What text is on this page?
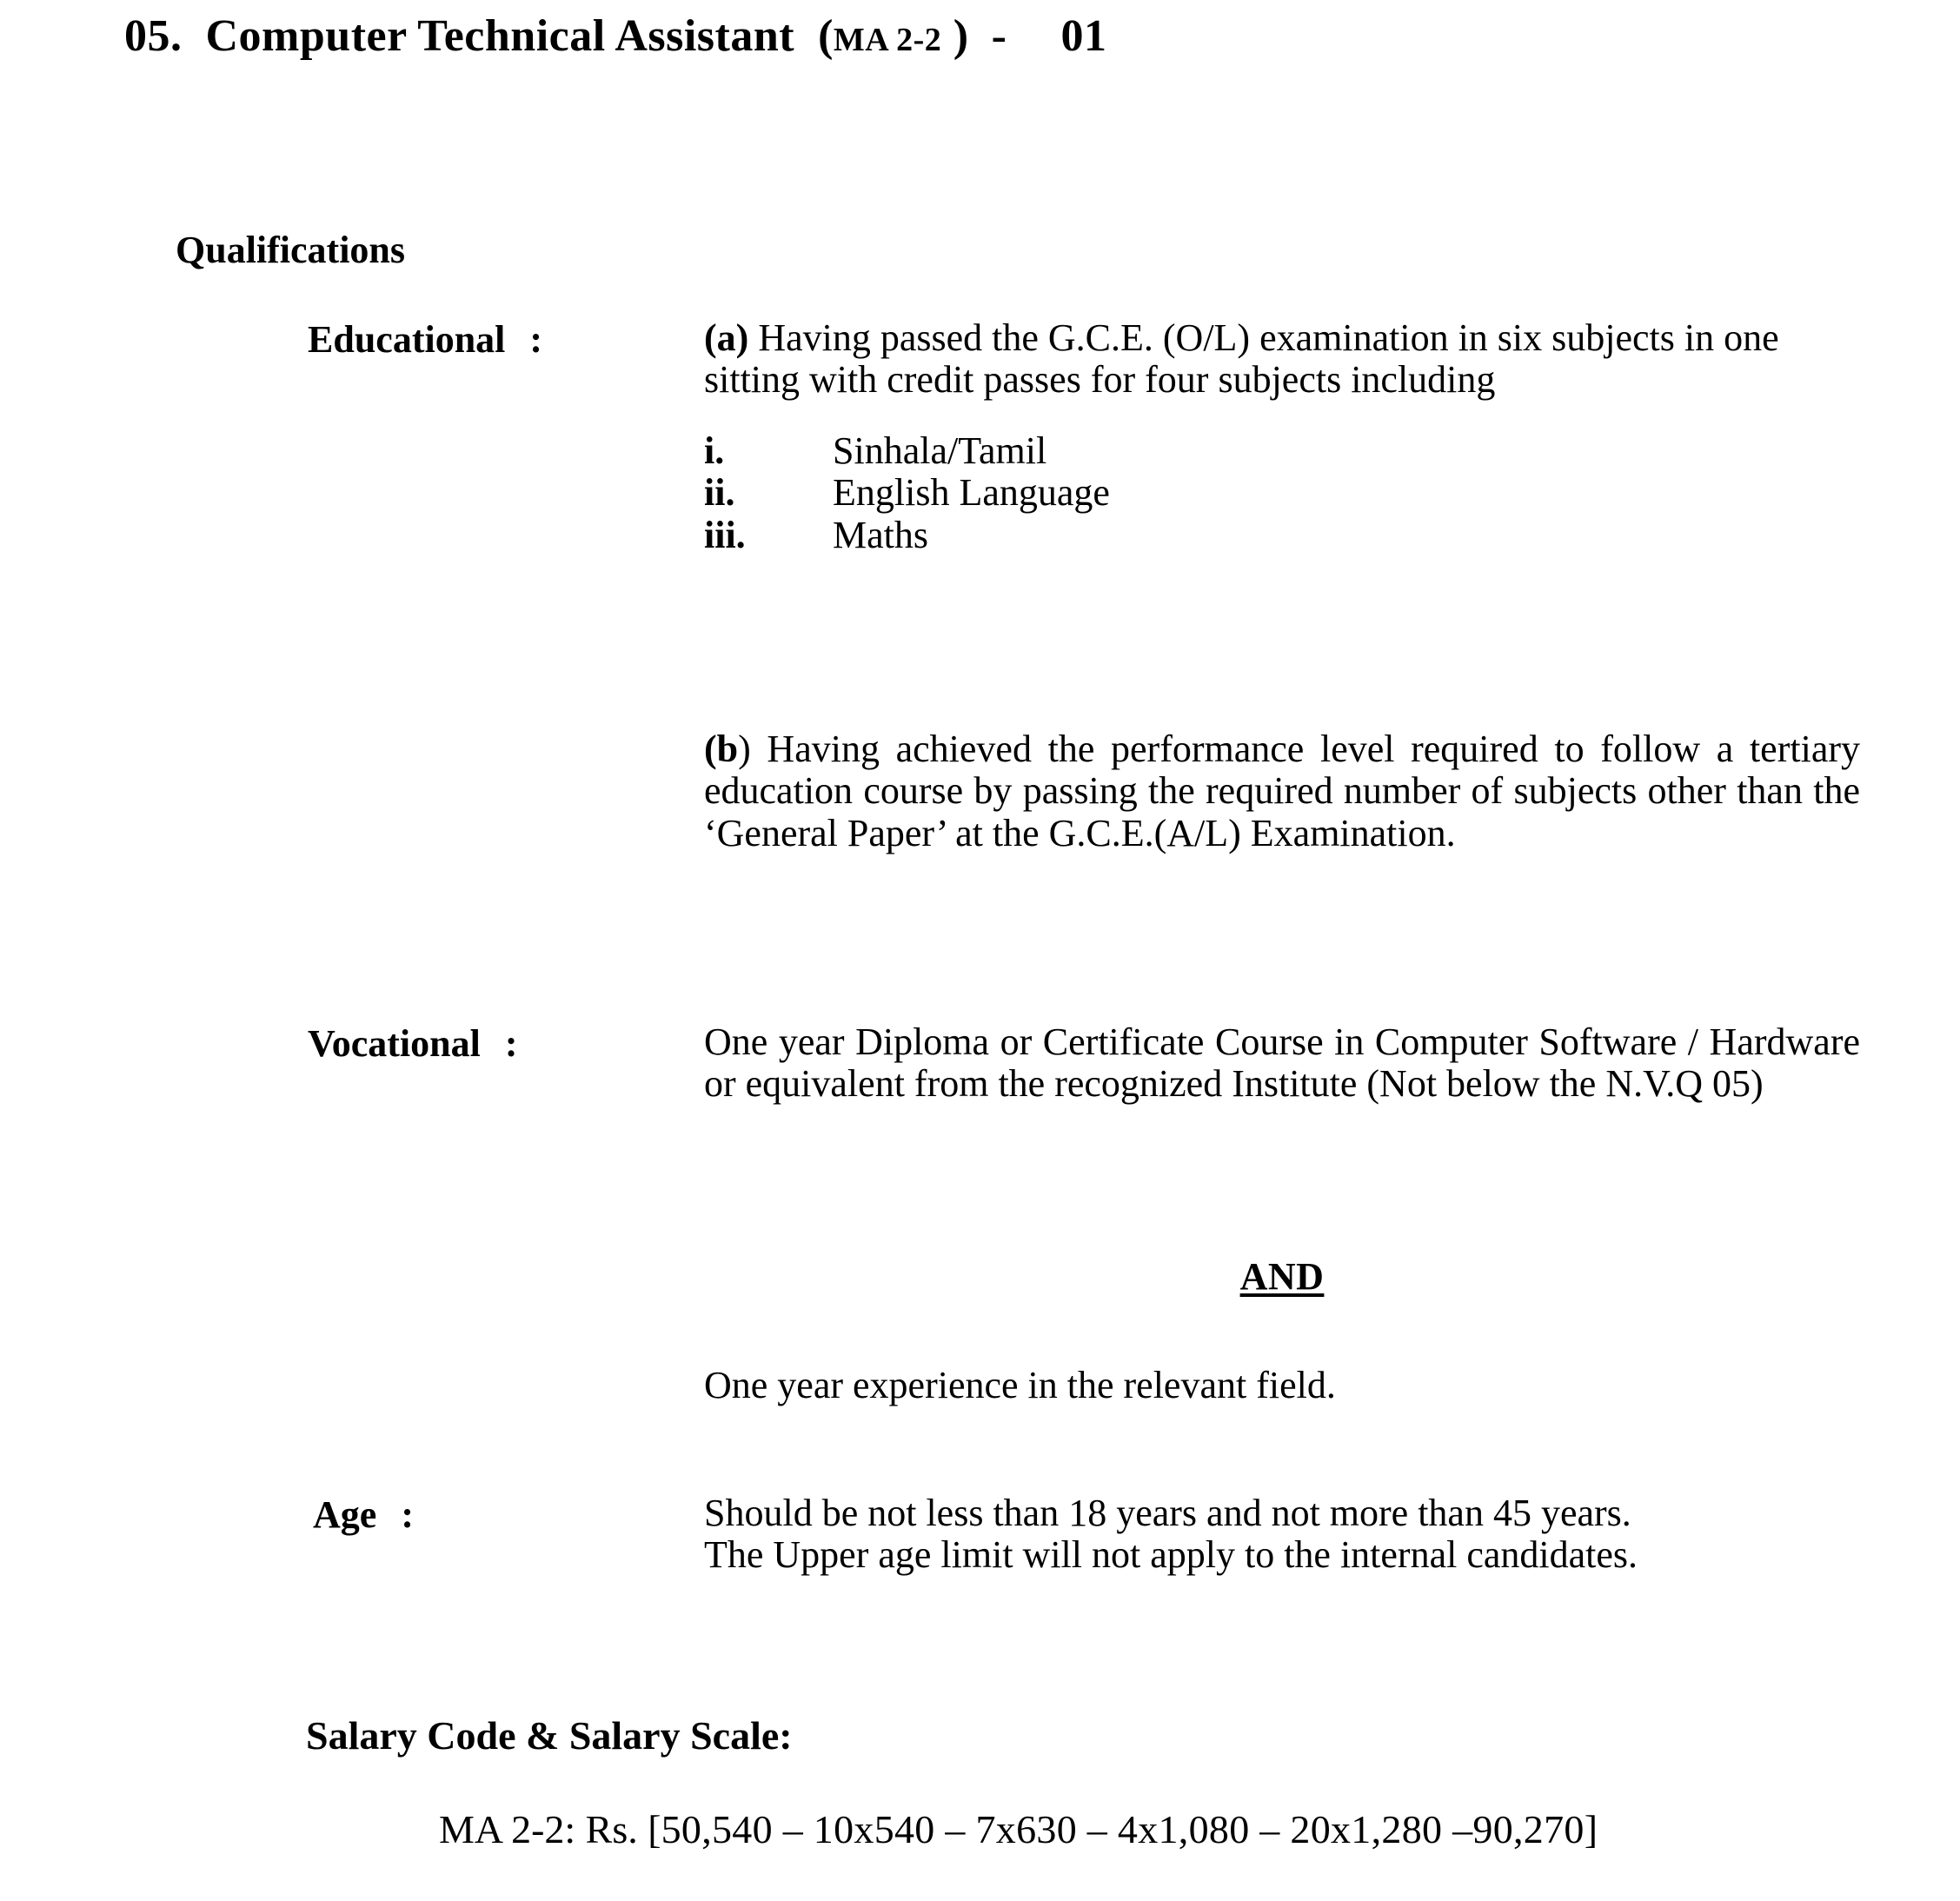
05. Computer Technical Assistant (MA 2-2 ) - 01
Qualifications
Educational :	(a) Having passed the G.C.E. (O/L) examination in six subjects in one sitting with credit passes for four subjects including

i.	Sinhala/Tamil
ii.	English Language
iii.	Maths

(b) Having achieved the performance level required to follow a tertiary education course by passing the required number of subjects other than the ‘General Paper’ at the G.C.E.(A/L) Examination.

Vocational :	One year Diploma or Certificate Course in Computer Software / Hardware or equivalent from the recognized Institute (Not below the N.V.Q 05)

AND

One year experience in the relevant field.

Age :	Should be not less than 18 years and not more than 45 years.

The Upper age limit will not apply to the internal candidates.

Salary Code & Salary Scale:
MA 2-2: Rs. [50,540 – 10x540 – 7x630 – 4x1,080 – 20x1,280 –90,270]
